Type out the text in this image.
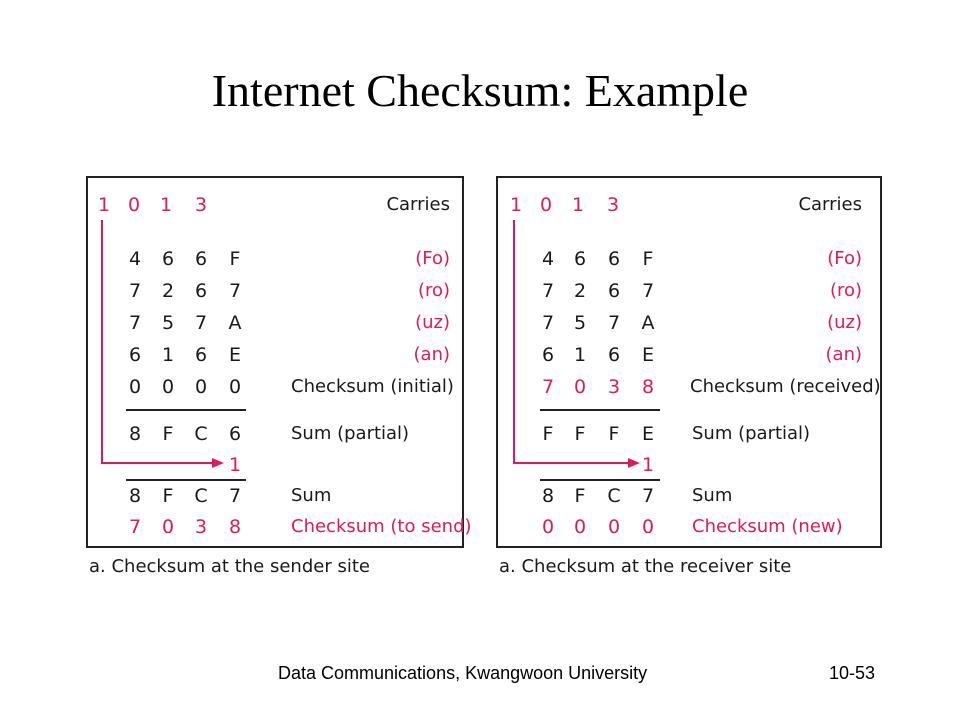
Internet Checksum: Example
1 0 1 3	Carries
4 6 6 F	(Fo)
7 2 6 7	(ro)
7 5 7 A	(uz)
6 1 6 E	(an)
0 0 0 0	Checksum (initial)
8 F C 6	Sum (partial)
1
8 F C 7	Sum
7 0 3 8	Checksum (to send)
a. Checksum at the sender site
1 0 1 3	Carries
4 6 6 F	(Fo)
7 2 6 7	(ro)
7 5 7 A	(uz)
6 1 6 E	(an)
7 0 3 8 Checksum (received)
F F F E Sum (partial)
1
8 F C 7 Sum
0 0 0 0 Checksum (new)
a. Checksum at the receiver site
Data Communications, Kwangwoon University	10-53
